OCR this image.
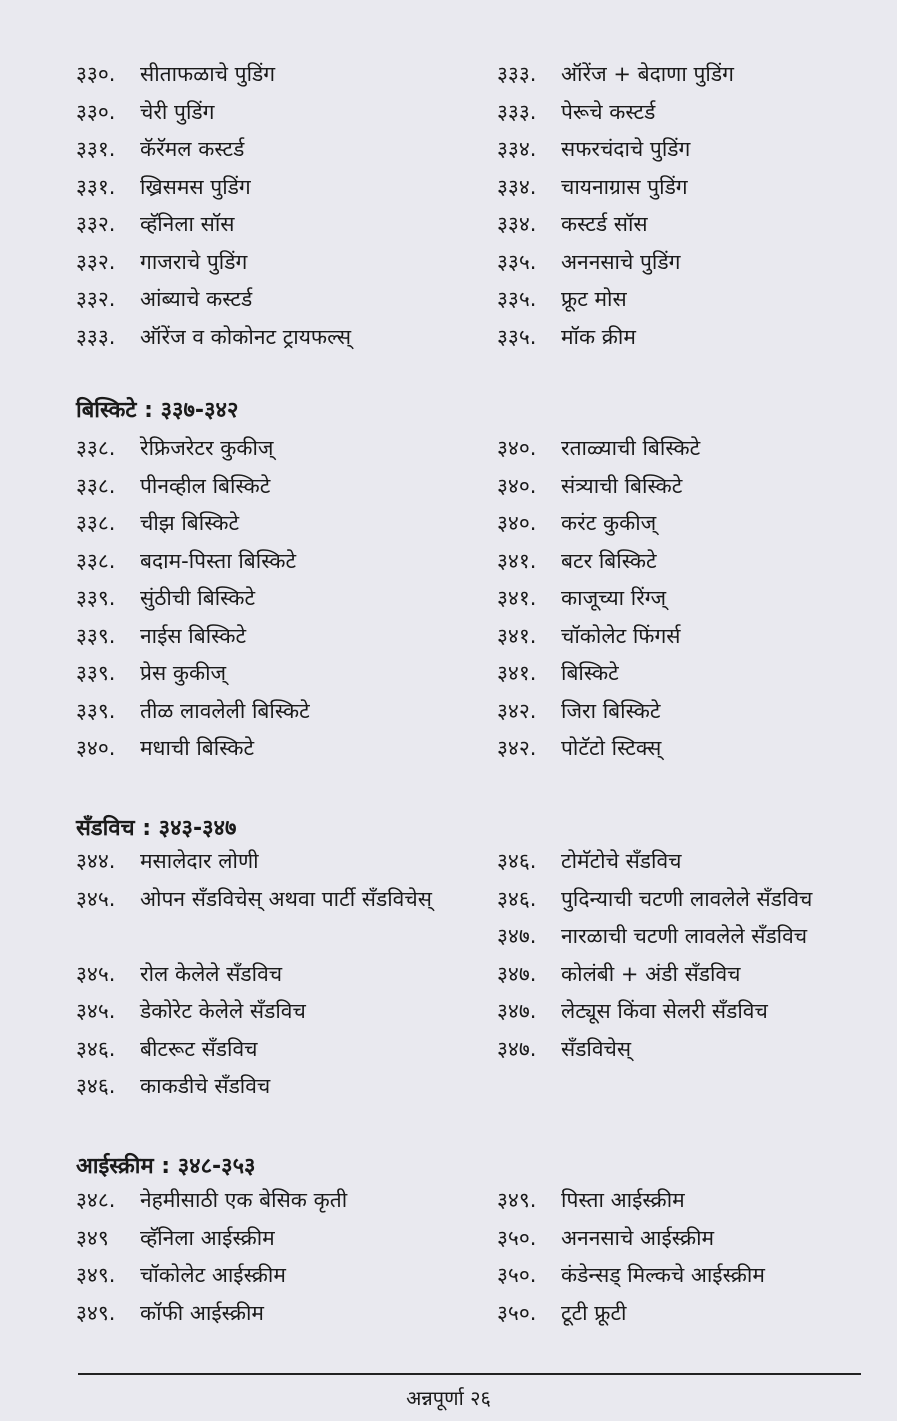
३३०. सीताफळाचे पुडिंग
३३०. चेरी पुडिंग
३३१. कॅरॅमल कस्टर्ड
३३१. ख्रिसमस पुडिंग
३३२. व्हॅनिला सॉस
३३२. गाजराचे पुडिंग
३३२. आंब्याचे कस्टर्ड
३३३. ऑरेंज व कोकोनट ट्रायफल्स्
३३३. ऑरेंज + बेदाणा पुडिंग
३३३. पेरूचे कस्टर्ड
३३४. सफरचंदाचे पुडिंग
३३४. चायनाग्रास पुडिंग
३३४. कस्टर्ड सॉस
३३५. अननसाचे पुडिंग
३३५. फ्रूट मोस
३३५. मॉक क्रीम
बिस्किटे : ३३७-३४२
३३८. रेफ्रिजरेटर कुकीज्
३३८. पीनव्हील बिस्किटे
३३८. चीझ बिस्किटे
३३८. बदाम-पिस्ता बिस्किटे
३३९. सुंठीची बिस्किटे
३३९. नाईस बिस्किटे
३३९. प्रेस कुकीज्
३३९. तीळ लावलेली बिस्किटे
३४०. मधाची बिस्किटे
३४०. रताळ्याची बिस्किटे
३४०. संत्र्याची बिस्किटे
३४०. करंट कुकीज्
३४१. बटर बिस्किटे
३४१. काजूच्या रिंग्ज्
३४१. चॉकोलेट फिंगर्स
३४१. बिस्किटे
३४२. जिरा बिस्किटे
३४२. पोटॅटो स्टिक्स्
सँडविच : ३४३-३४७
३४४. मसालेदार लोणी
३४५. ओपन सँडविचेस् अथवा पार्टी सँडविचेस्
३४५. रोल केलेले सँडविच
३४५. डेकोरेट केलेले सँडविच
३४६. बीटरूट सँडविच
३४६. काकडीचे सँडविच
३४६. टोमॅटोचे सँडविच
३४६. पुदिन्याची चटणी लावलेले सँडविच
३४७. नारळाची चटणी लावलेले सँडविच
३४७. कोलंबी + अंडी सँडविच
३४७. लेट्यूस किंवा सेलरी सँडविच
३४७. सँडविचेस्
आईस्क्रीम : ३४८-३५३
३४८. नेहमीसाठी एक बेसिक कृती
३४९ व्हॅनिला आईस्क्रीम
३४९. चॉकोलेट आईस्क्रीम
३४९. कॉफी आईस्क्रीम
३४९. पिस्ता आईस्क्रीम
३५०. अननसाचे आईस्क्रीम
३५०. कंडेन्सड् मिल्कचे आईस्क्रीम
३५०. टूटी फ्रूटी
अन्नपूर्णा २६
